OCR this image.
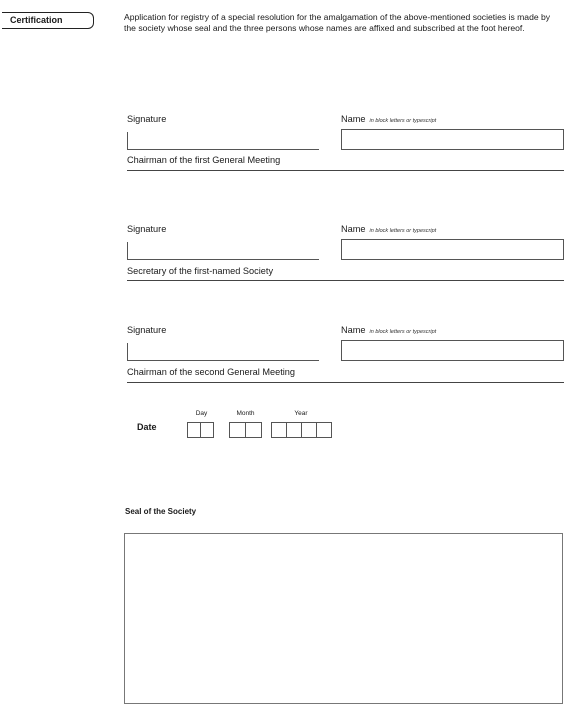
Certification	Application for registry of a special resolution for the amalgamation of the above-mentioned societies is made by the society whose seal and the three persons whose names are affixed and subscribed at the foot hereof.
Signature	Name in block letters or typescript
Chairman of the first General Meeting
Signature	Name in block letters or typescript
Secretary of the first-named Society
Signature	Name in block letters or typescript
Chairman of the second General Meeting
Date
Day	Month	Year
Seal of the Society
